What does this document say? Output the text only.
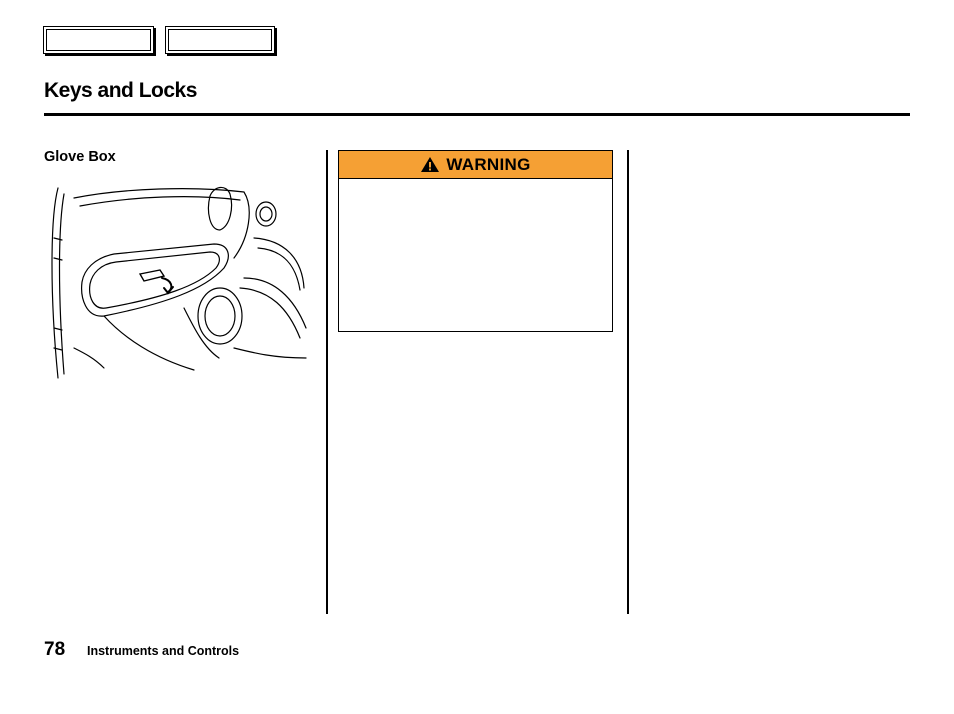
Keys and Locks
Glove Box	WARNING
78 Instruments and Controls
